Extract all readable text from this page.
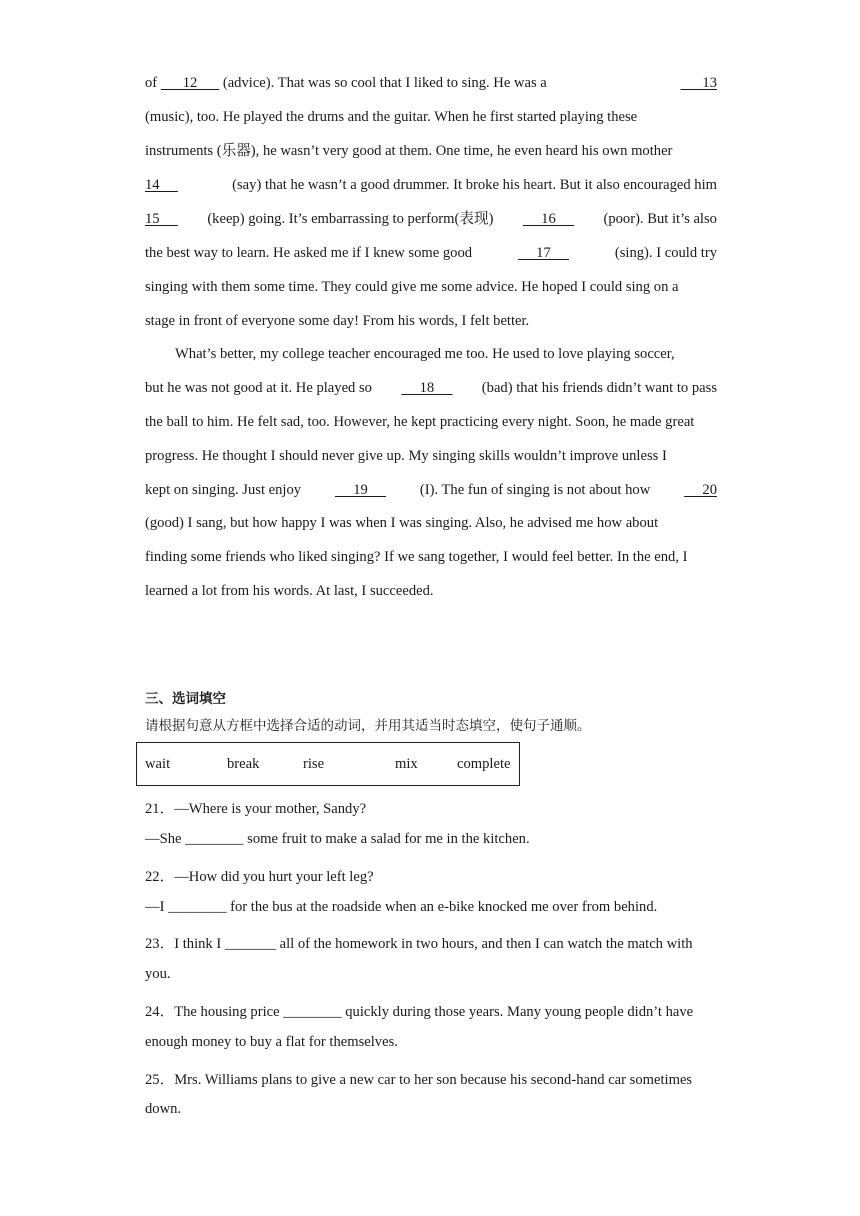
of       12       (advice). That was so cool that I liked to sing. He was a	13
(music), too. He played the drums and the guitar. When he first started playing these
instruments (乐器), he wasn’t very good at them. One time, he even heard his own mother
14	(say) that he wasn’t a good drummer. It broke his heart. But it also encouraged him
15 (keep) going. It’s embarrassing to perform(表现) 16 (poor). But it’s also
the best way to learn. He asked me if I knew some good	17	(sing). I could try
singing with them some time. They could give me some advice. He hoped I could sing on a
stage in front of everyone some day! From his words, I felt better.
What’s better, my college teacher encouraged me too. He used to love playing soccer,
but he was not good at it. He played so 18 (bad) that his friends didn’t want to pass
the ball to him. He felt sad, too. However, he kept practicing every night. Soon, he made great
progress. He thought I should never give up. My singing skills wouldn’t improve unless I
kept on singing. Just enjoy 19 (I). The fun of singing is not about how 20
(good) I sang, but how happy I was when I was singing. Also, he advised me how about
finding some friends who liked singing? If we sang together, I would feel better. In the end, I
learned a lot from his words. At last, I succeeded.
三、选词填空
请根据句意从方框中选择合适的动词，并用其适当时态填空，使句子通顺。
wait	break	rise	mix	complete
21．—Where is your mother, Sandy?
—She ________ some fruit to make a salad for me in the kitchen.
22．—How did you hurt your left leg?
—I ________ for the bus at the roadside when an e-bike knocked me over from behind.
23．I think I _______ all of the homework in two hours, and then I can watch the match with
you.
24．The housing price ________ quickly during those years. Many young people didn’t have
enough money to buy a flat for themselves.
25．Mrs. Williams plans to give a new car to her son because his second-hand car sometimes
down.
